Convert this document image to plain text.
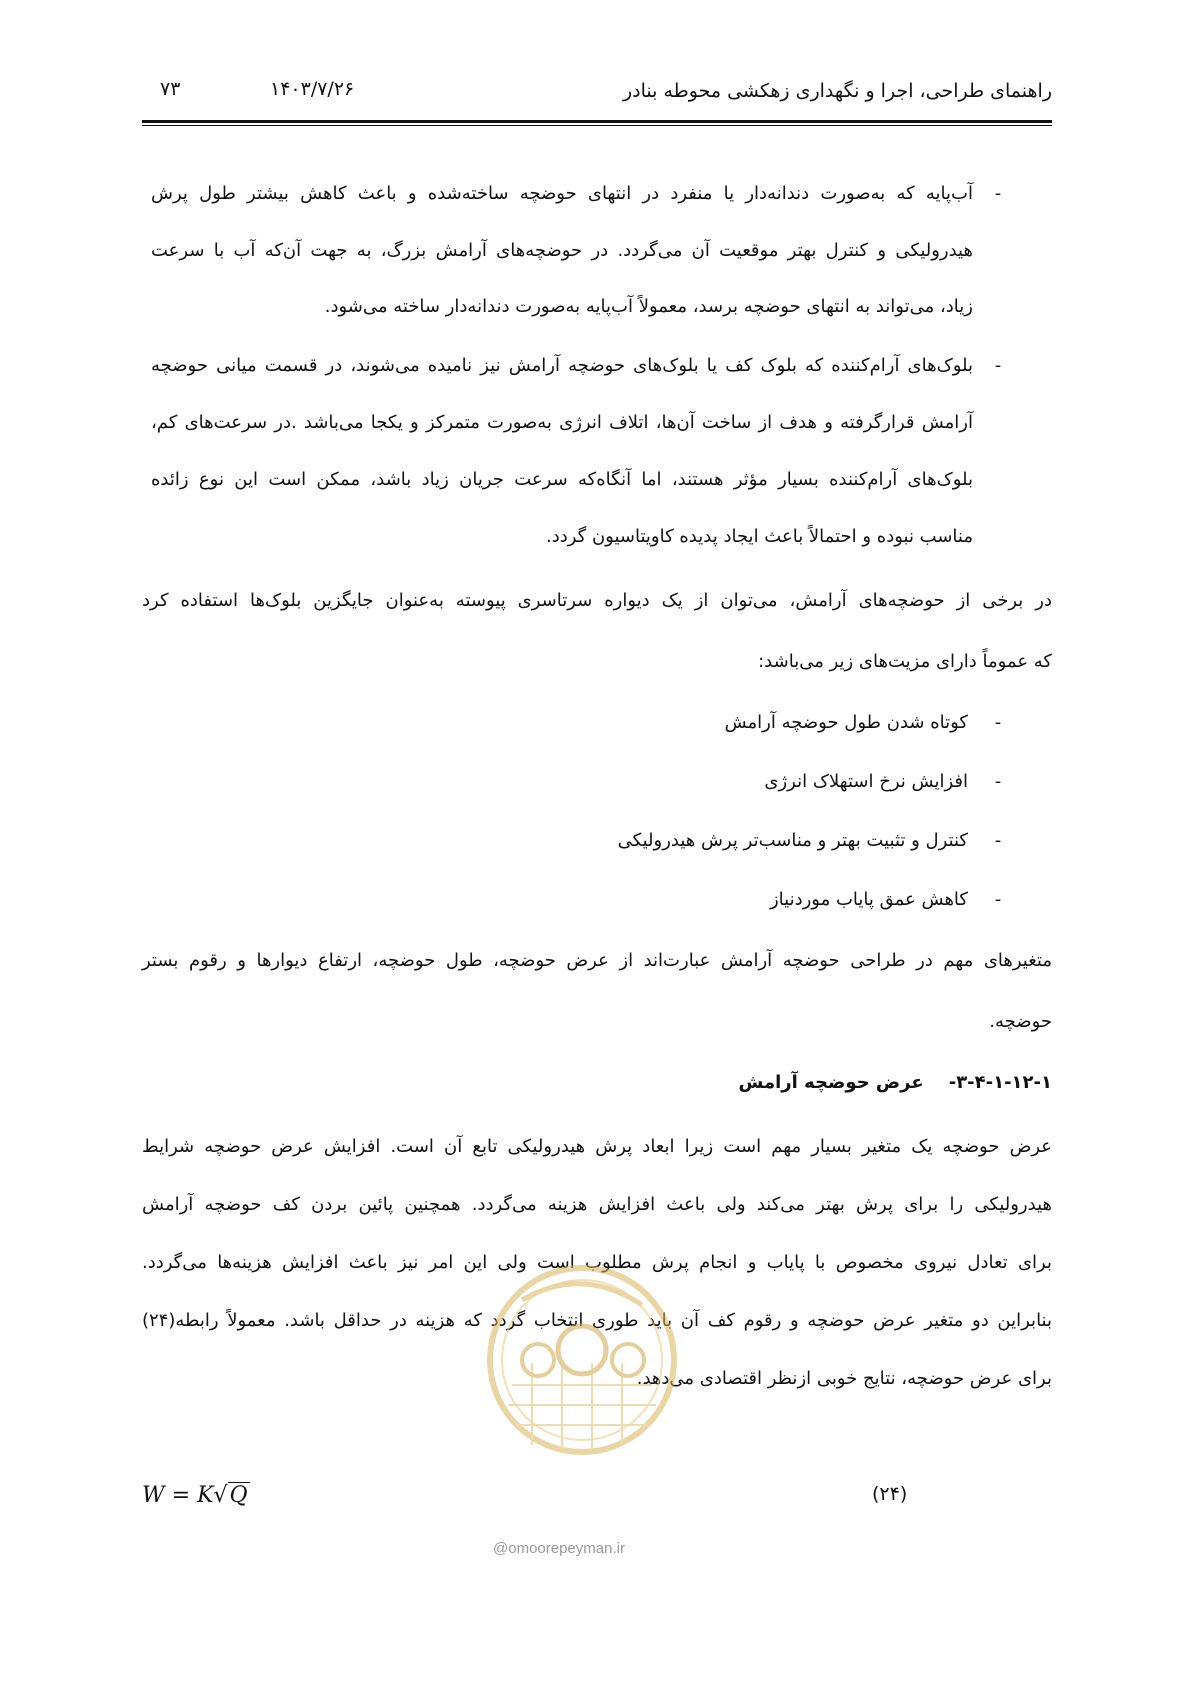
راهنمای طراحی، اجرا و نگهداری زهکشی محوطه بنادر
۱۴۰۳/۷/۲۶
۷۳
-
آب‌پایه که به‌صورت دندانه‌دار یا منفرد در انتهای حوضچه ساخته‌شده و باعث کاهش بیشتر طول پرش
هیدرولیکی و کنترل بهتر موقعیت آن می‌گردد. در حوضچه‌های آرامش بزرگ، به جهت آن‌که آب با سرعت
زیاد، می‌تواند به انتهای حوضچه برسد، معمولاً آب‌پایه به‌صورت دندانه‌دار ساخته می‌شود.
-
بلوک‌های آرام‌کننده که بلوک کف یا بلوک‌های حوضچه آرامش نیز نامیده می‌شوند، در قسمت میانی حوضچه
آرامش قرارگرفته و هدف از ساخت آن‌ها، اتلاف انرژی به‌صورت متمرکز و یکجا می‌باشد .در سرعت‌های کم،
بلوک‌های آرام‌کننده بسیار مؤثر هستند، اما آنگاه‌که سرعت جریان زیاد باشد، ممکن است این نوع زائده
مناسب نبوده و احتمالاً باعث ایجاد پدیده کاویتاسیون گردد.
در برخی از حوضچه‌های آرامش، می‌توان از یک دیواره سرتاسری پیوسته به‌عنوان جایگزین بلوک‌ها استفاده کرد
که عموماً دارای مزیت‌های زیر می‌باشد:
-
کوتاه شدن طول حوضچه آرامش
-
افزایش نرخ استهلاک انرژی
-
کنترل و تثبیت بهتر و مناسب‌تر پرش هیدرولیکی
-
کاهش عمق پایاب موردنیاز
متغیرهای مهم در طراحی حوضچه آرامش عبارت‌اند از عرض حوضچه، طول حوضچه، ارتفاع دیوارها و رقوم بستر
حوضچه.
۳-۴-۱-۱۲-۱-    عرض حوضچه آرامش
عرض حوضچه یک متغیر بسیار مهم است زیرا ابعاد پرش هیدرولیکی تابع آن است. افزایش عرض حوضچه شرایط
هیدرولیکی را برای پرش بهتر می‌کند ولی باعث افزایش هزینه می‌گردد. همچنین پائین بردن کف حوضچه آرامش
برای تعادل نیروی مخصوص با پایاب و انجام پرش مطلوب است ولی این امر نیز باعث افزایش هزینه‌ها می‌گردد.
بنابراین دو متغیر عرض حوضچه و رقوم کف آن باید طوری انتخاب گردد که هزینه در حداقل باشد. معمولاً رابطه(۲۴)
برای عرض حوضچه، نتایج خوبی ازنظر اقتصادی می‌دهد.
@omoorepeyman.ir
W = K√Q	(۲۴)
